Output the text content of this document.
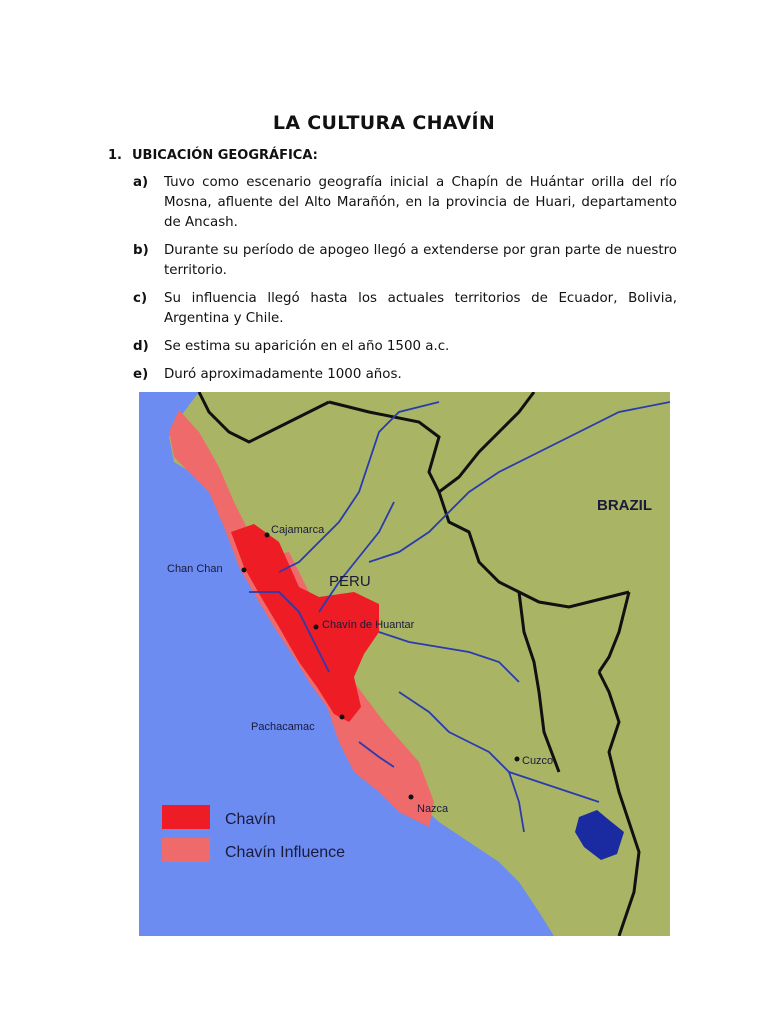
LA CULTURA CHAVÍN
1. UBICACIÓN GEOGRÁFICA:
a) Tuvo como escenario geografía inicial a Chapín de Huántar orilla del río Mosna, afluente del Alto Marañón, en la provincia de Huari, departamento de Ancash.
b) Durante su período de apogeo llegó a extenderse por gran parte de nuestro territorio.
c) Su influencia llegó hasta los actuales territorios de Ecuador, Bolivia, Argentina y Chile.
d) Se estima su aparición en el año 1500 a.c.
e) Duró aproximadamente 1000 años.
BRAZIL
PERU
Cajamarca
Chan Chan
Chavín de Huantar
Pachacamac
Cuzco
Nazca
Chavín
Chavín Influence
